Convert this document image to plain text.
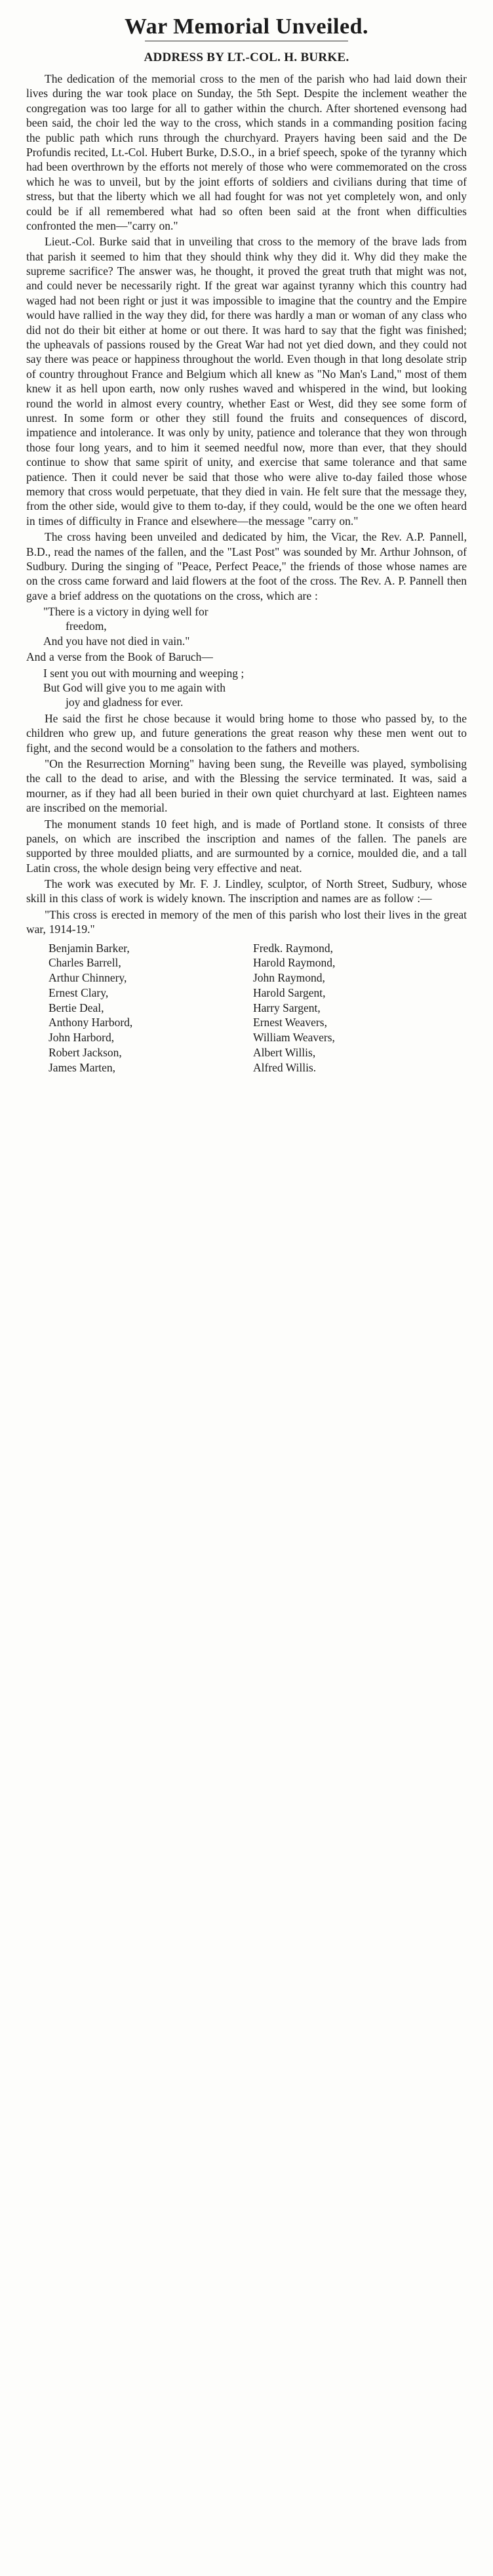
War Memorial Unveiled.
ADDRESS BY LT.-COL. H. BURKE.

The dedication of the memorial cross to the men of the parish who had laid down their lives during the war took place on Sunday, the 5th Sept. Despite the inclement weather the congregation was too large for all to gather within the church. After shortened evensong had been said, the choir led the way to the cross, which stands in a commanding position facing the public path which runs through the churchyard. Prayers having been said and the De Profundis recited, Lt.-Col. Hubert Burke, D.S.O., in a brief speech, spoke of the tyranny which had been overthrown by the efforts not merely of those who were commemorated on the cross which he was to unveil, but by the joint efforts of soldiers and civilians during that time of stress, but that the liberty which we all had fought for was not yet completely won, and only could be if all remembered what had so often been said at the front when difficulties confronted the men—"carry on."

Lieut.-Col. Burke said that in unveiling that cross to the memory of the brave lads from that parish it seemed to him that they should think why they did it. Why did they make the supreme sacrifice? The answer was, he thought, it proved the great truth that might was not, and could never be necessarily right. If the great war against tyranny which this country had waged had not been right or just it was impossible to imagine that the country and the Empire would have rallied in the way they did, for there was hardly a man or woman of any class who did not do their bit either at home or out there. It was hard to say that the fight was finished; the upheavals of passions roused by the Great War had not yet died down, and they could not say there was peace or happiness throughout the world. Even though in that long desolate strip of country throughout France and Belgium which all knew as "No Man's Land," most of them knew it as hell upon earth, now only rushes waved and whispered in the wind, but looking round the world in almost every country, whether East or West, did they see some form of unrest. In some form or other they still found the fruits and consequences of discord, impatience and intolerance. It was only by unity, patience and tolerance that they won through those four long years, and to him it seemed needful now, more than ever, that they should continue to show that same spirit of unity, and exercise that same tolerance and that same patience. Then it could never be said that those who were alive to-day failed those whose memory that cross would perpetuate, that they died in vain. He felt sure that the message they, from the other side, would give to them to-day, if they could, would be the one we often heard in times of difficulty in France and elsewhere—the message "carry on."

The cross having been unveiled and dedicated by him, the Vicar, the Rev. A.P. Pannell, B.D., read the names of the fallen, and the "Last Post" was sounded by Mr. Arthur Johnson, of Sudbury. During the singing of "Peace, Perfect Peace," the friends of those whose names are on the cross came forward and laid flowers at the foot of the cross. The Rev. A. P. Pannell then gave a brief address on the quotations on the cross, which are :

"There is a victory in dying well for
freedom,
And you have not died in vain."

And a verse from the Book of Baruch—

I sent you out with mourning and weeping ;
But God will give you to me again with
joy and gladness for ever.

He said the first he chose because it would bring home to those who passed by, to the children who grew up, and future generations the great reason why these men went out to fight, and the second would be a consolation to the fathers and mothers.

"On the Resurrection Morning" having been sung, the Reveille was played, symbolising the call to the dead to arise, and with the Blessing the service terminated. It was, said a mourner, as if they had all been buried in their own quiet churchyard at last. Eighteen names are inscribed on the memorial.

The monument stands 10 feet high, and is made of Portland stone. It consists of three panels, on which are inscribed the inscription and names of the fallen. The panels are supported by three moulded pliatts, and are surmounted by a cornice, moulded die, and a tall Latin cross, the whole design being very effective and neat.

The work was executed by Mr. F. J. Lindley, sculptor, of North Street, Sudbury, whose skill in this class of work is widely known. The inscription and names are as follow :—

"This cross is erected in memory of the men of this parish who lost their lives in the great war, 1914-19."

Benjamin Barker,
Charles Barrell,
Arthur Chinnery,
Ernest Clary,
Bertie Deal,
Anthony Harbord,
John Harbord,
Robert Jackson,
James Marten,
Fredk. Raymond,
Harold Raymond,
John Raymond,
Harold Sargent,
Harry Sargent,
Ernest Weavers,
William Weavers,
Albert Willis,
Alfred Willis.
